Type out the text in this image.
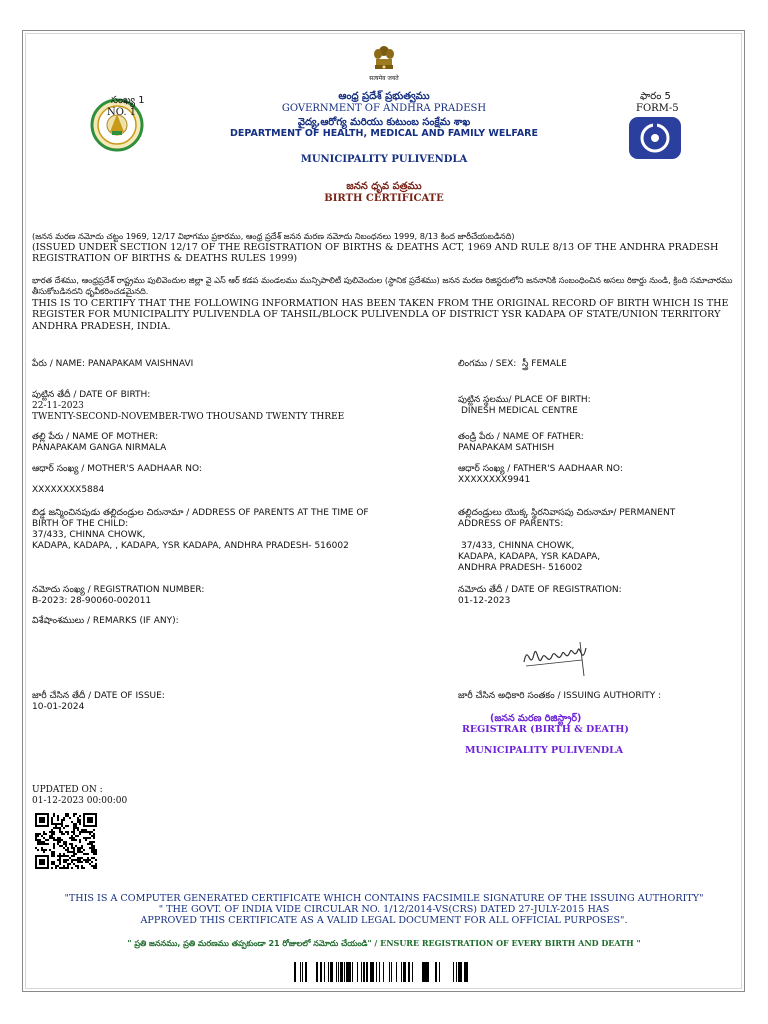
सत्यमेव जयते
సంఖ్య 1
NO. 1
ఫారం 5
FORM-5
ఆంధ్ర ప్రదేశ్ ప్రభుత్వము
GOVERNMENT OF ANDHRA PRADESH
వైద్య,ఆరోగ్య మరియు కుటుంబ సంక్షేమ శాఖ
DEPARTMENT OF HEALTH, MEDICAL AND FAMILY WELFARE
MUNICIPALITY PULIVENDLA
జనన ధృవ పత్రము
BIRTH CERTIFICATE
(జనన మరణ నమోదు చట్టం 1969, 12/17 విభాగము ప్రకారము, ఆంధ్ర ప్రదేశ్ జనన మరణ నమోదు నిబంధనలు 1999, 8/13 కింద జారీచేయబడినది)
(ISSUED UNDER SECTION 12/17 OF THE REGISTRATION OF BIRTHS & DEATHS ACT, 1969 AND RULE 8/13 OF THE ANDHRA PRADESH REGISTRATION OF BIRTHS & DEATHS RULES 1999)
భారత దేశము, ఆంధ్రప్రదేశ్ రాష్ట్రము పులివెందుల జిల్లా వై ఎస్ ఆర్ కడప మండలము మున్సిపాలిటీ పులివెందుల (స్థానిక ప్రదేశము) జనన మరణ రిజిస్టరులోని జననానికి సంబంధించిన అసలు రికార్డు నుండి, క్రింది సమాచారము తీసుకోబడినదని ధృవీకరించడమైనది.
THIS IS TO CERTIFY THAT THE FOLLOWING INFORMATION HAS BEEN TAKEN FROM THE ORIGINAL RECORD OF BIRTH WHICH IS THE REGISTER FOR MUNICIPALITY PULIVENDLA OF TAHSIL/BLOCK PULIVENDLA OF DISTRICT YSR KADAPA OF STATE/UNION TERRITORY ANDHRA PRADESH, INDIA.
పేరు / NAME: PANAPAKAM VAISHNAVI	లింగము / SEX: స్త్రీ FEMALE
పుట్టిన తేదీ / DATE OF BIRTH:
22-11-2023
TWENTY-SECOND-NOVEMBER-TWO THOUSAND TWENTY THREE
పుట్టిన స్థలము/ PLACE OF BIRTH:
DINESH MEDICAL CENTRE
తల్లి పేరు / NAME OF MOTHER:
PANAPAKAM GANGA NIRMALA
తండ్రి పేరు / NAME OF FATHER:
PANAPAKAM SATHISH
ఆధార్ సంఖ్య / MOTHER'S AADHAAR NO:
XXXXXXXX5884
ఆధార్ సంఖ్య / FATHER'S AADHAAR NO:
XXXXXXXX9941
బిడ్డ జన్మించినపుడు తల్లిదండ్రుల చిరునామా / ADDRESS OF PARENTS AT THE TIME OF
BIRTH OF THE CHILD:
37/433, CHINNA CHOWK,
KADAPA, KADAPA, , KADAPA, YSR KADAPA, ANDHRA PRADESH- 516002
తల్లిదండ్రులు యొక్క స్థిరనివాసపు చిరునామా/ PERMANENT
ADDRESS OF PARENTS:
37/433, CHINNA CHOWK,
KADAPA, KADAPA, YSR KADAPA,
ANDHRA PRADESH- 516002
నమోదు సంఖ్య / REGISTRATION NUMBER:
B-2023: 28-90060-002011
నమోదు తేదీ / DATE OF REGISTRATION:
01-12-2023
విశేషాంశములు / REMARKS (IF ANY):
జారీ చేసిన తేదీ / DATE OF ISSUE:
10-01-2024
జారీ చేసిన అధికారి సంతకం / ISSUING AUTHORITY :
(జనన మరణ రిజిస్ట్రార్)
REGISTRAR (BIRTH & DEATH)
MUNICIPALITY PULIVENDLA
UPDATED ON :
01-12-2023 00:00:00
"THIS IS A COMPUTER GENERATED CERTIFICATE WHICH CONTAINS FACSIMILE SIGNATURE OF THE ISSUING AUTHORITY"
" THE GOVT. OF INDIA VIDE CIRCULAR NO. 1/12/2014-VS(CRS) DATED 27-JULY-2015 HAS
APPROVED THIS CERTIFICATE AS A VALID LEGAL DOCUMENT FOR ALL OFFICIAL PURPOSES".
" ప్రతి జననము, ప్రతి మరణము తప్పకుండా 21 రోజులలో నమోదు చేయండి" / ENSURE REGISTRATION OF EVERY BIRTH AND DEATH "
